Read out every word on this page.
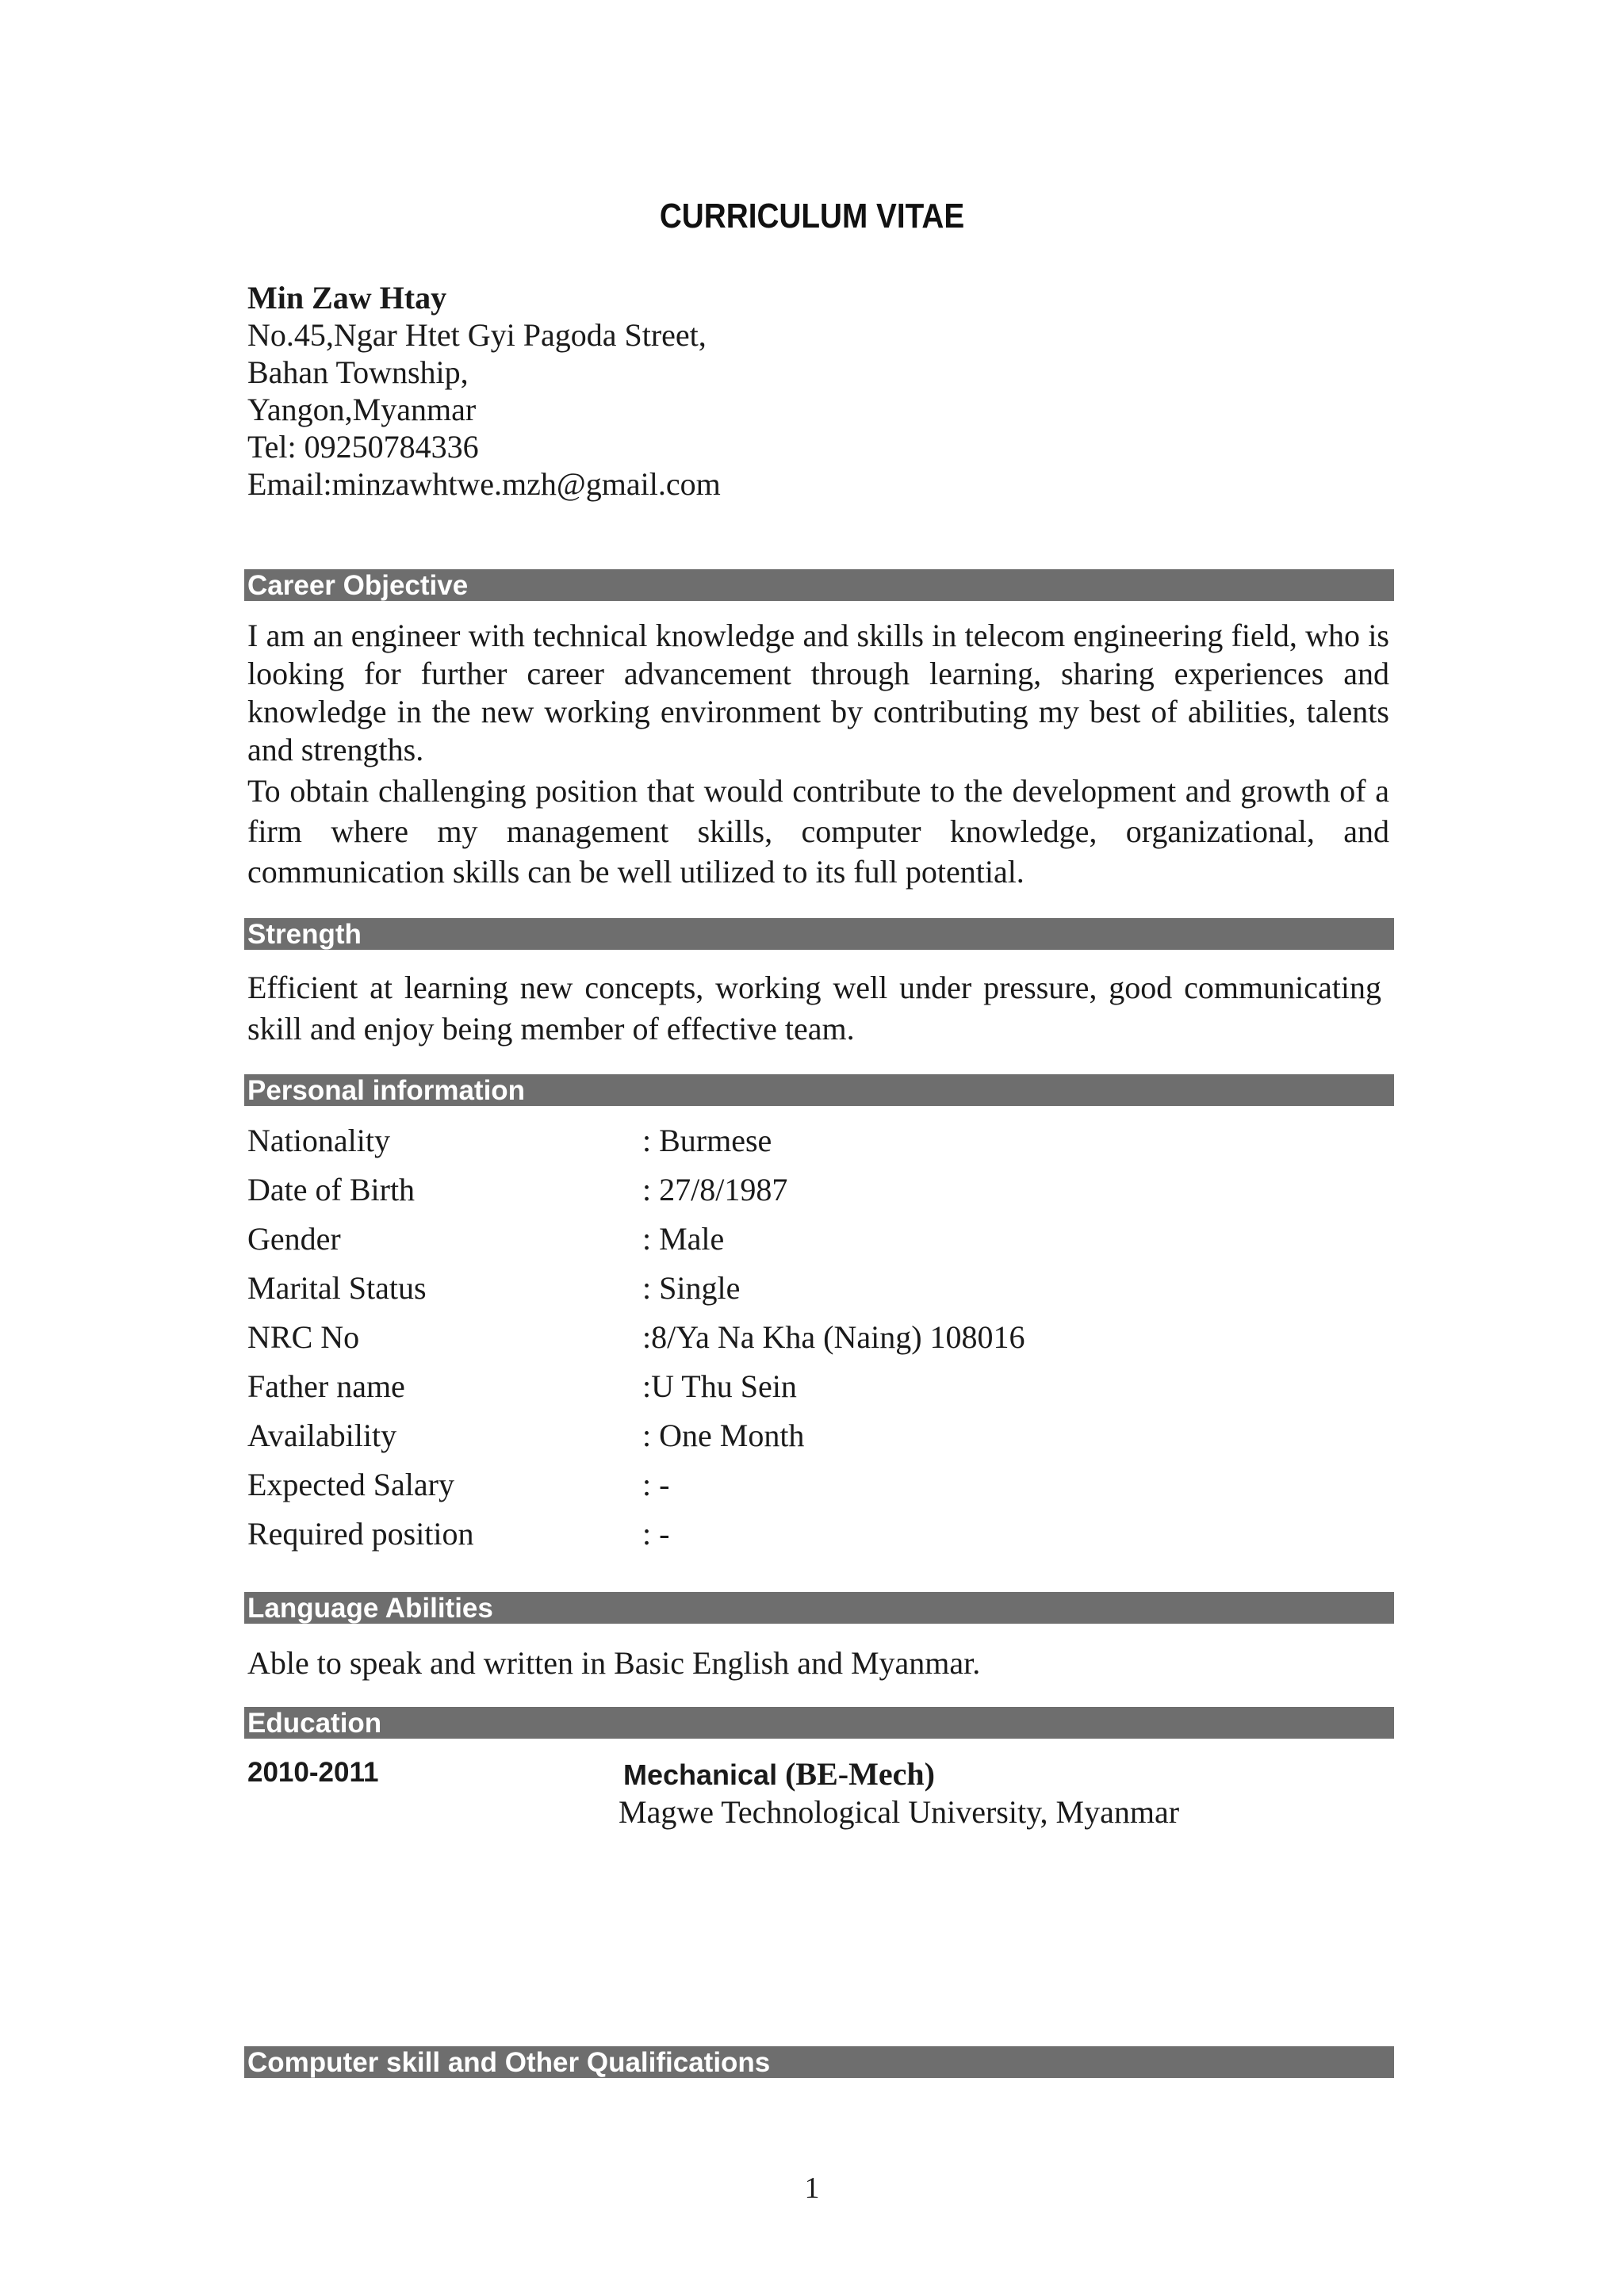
CURRICULUM VITAE
Min Zaw Htay
No.45,Ngar Htet Gyi Pagoda Street,
Bahan Township,
Yangon,Myanmar
Tel: 09250784336
Email:minzawhtwe.mzh@gmail.com
Career Objective

I am an engineer with technical knowledge and skills in telecom engineering field, who is looking for further career advancement through learning, sharing experiences and knowledge in the new working environment by contributing my best of abilities, talents and strengths.

To obtain challenging position that would contribute to the development and growth of a firm where my management skills, computer knowledge, organizational, and communication skills can be well utilized to its full potential.

Strength

Efficient at learning new concepts, working well under pressure, good communicating skill and enjoy being member of effective team.

Personal information
Nationality	: Burmese
Date of Birth	: 27/8/1987
Gender	: Male
Marital Status	: Single
NRC No	:8/Ya Na Kha (Naing) 108016
Father name	:U Thu Sein
Availability	: One Month
Expected Salary	: -
Required position	: -
Language Abilities

Able to speak and written in Basic English and Myanmar.

Education
2010-2011	Mechanical (BE-Mech)
Magwe Technological University, Myanmar
Computer skill and Other Qualifications
1
